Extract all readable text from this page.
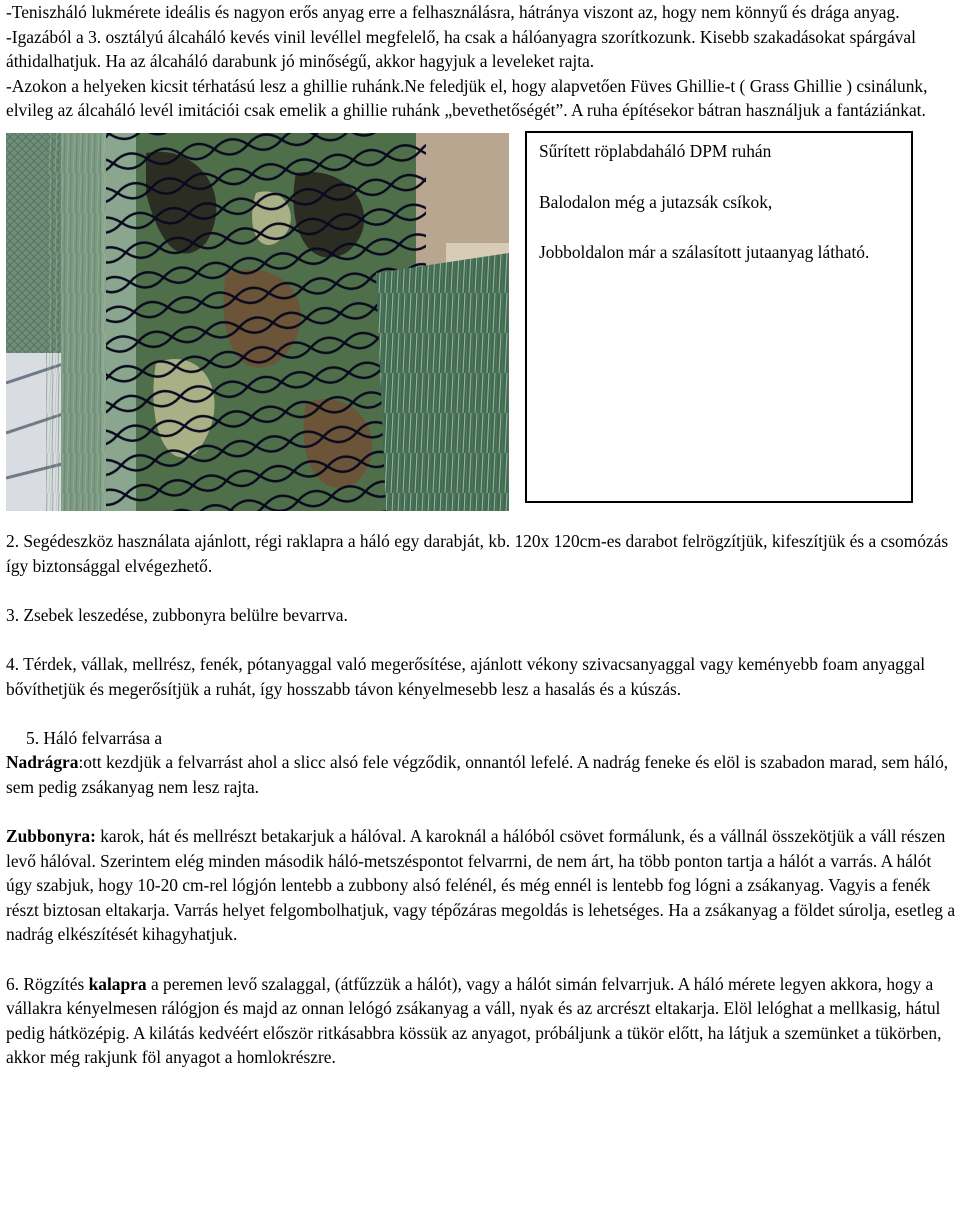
-Teniszháló lukmérete ideális és nagyon erős anyag erre a felhasználásra, hátránya viszont az, hogy nem könnyű és drága anyag.

-Igazából a 3. osztályú álcaháló kevés vinil levéllel megfelelő, ha csak a hálóanyagra szorítkozunk. Kisebb szakadásokat spárgával áthidalhatjuk. Ha az álcaháló darabunk jó minőségű, akkor hagyjuk a leveleket rajta.

-Azokon a helyeken kicsit térhatású lesz a ghillie ruhánk.Ne feledjük el, hogy alapvetően Füves Ghillie-t ( Grass Ghillie ) csinálunk, elvileg az álcaháló levél imitációi csak emelik a ghillie ruhánk „bevethetőségét”. A ruha építésekor bátran használjuk a fantáziánkat.

Sűrített röplabdaháló DPM ruhán

Balodalon még a jutazsák csíkok,

Jobboldalon már a szálasított jutaanyag látható.

2. Segédeszköz használata ajánlott, régi raklapra a háló egy darabját, kb. 120x 120cm-es darabot felrögzítjük, kifeszítjük és a csomózás így biztonsággal elvégezhető.

3. Zsebek leszedése, zubbonyra belülre bevarrva.

4. Térdek, vállak, mellrész, fenék, pótanyaggal való megerősítése, ajánlott vékony szivacsanyaggal vagy keményebb foam anyaggal bővíthetjük és megerősítjük a ruhát, így hosszabb távon kényelmesebb lesz a hasalás és a kúszás.

5. Háló felvarrása a

Nadrágra:ott kezdjük a felvarrást ahol a slicc alsó fele végződik, onnantól lefelé. A nadrág feneke és elöl is szabadon marad, sem háló, sem pedig zsákanyag nem lesz rajta.

Zubbonyra: karok, hát és mellrészt betakarjuk a hálóval. A karoknál a hálóból csövet formálunk, és a vállnál összekötjük a váll részen levő hálóval. Szerintem elég minden második háló-metszéspontot felvarrni, de nem árt, ha több ponton tartja a hálót a varrás. A hálót úgy szabjuk, hogy 10-20 cm-rel lógjón lentebb a zubbony alsó felénél, és még ennél is lentebb fog lógni a zsákanyag. Vagyis a fenék részt biztosan eltakarja. Varrás helyet felgombolhatjuk, vagy tépőzáras megoldás is lehetséges. Ha a zsákanyag a földet súrolja, esetleg a nadrág elkészítését kihagyhatjuk.

6. Rögzítés kalapra a peremen levő szalaggal, (átfűzzük a hálót), vagy a hálót simán felvarrjuk. A háló mérete legyen akkora, hogy a vállakra kényelmesen rálógjon és majd az onnan lelógó zsákanyag a váll, nyak és az arcrészt eltakarja. Elöl lelóghat a mellkasig, hátul pedig hátközépig. A kilátás kedvéért először ritkásabbra kössük az anyagot, próbáljunk a tükör előtt, ha látjuk a szemünket a tükörben, akkor még rakjunk föl anyagot a homlokrészre.
